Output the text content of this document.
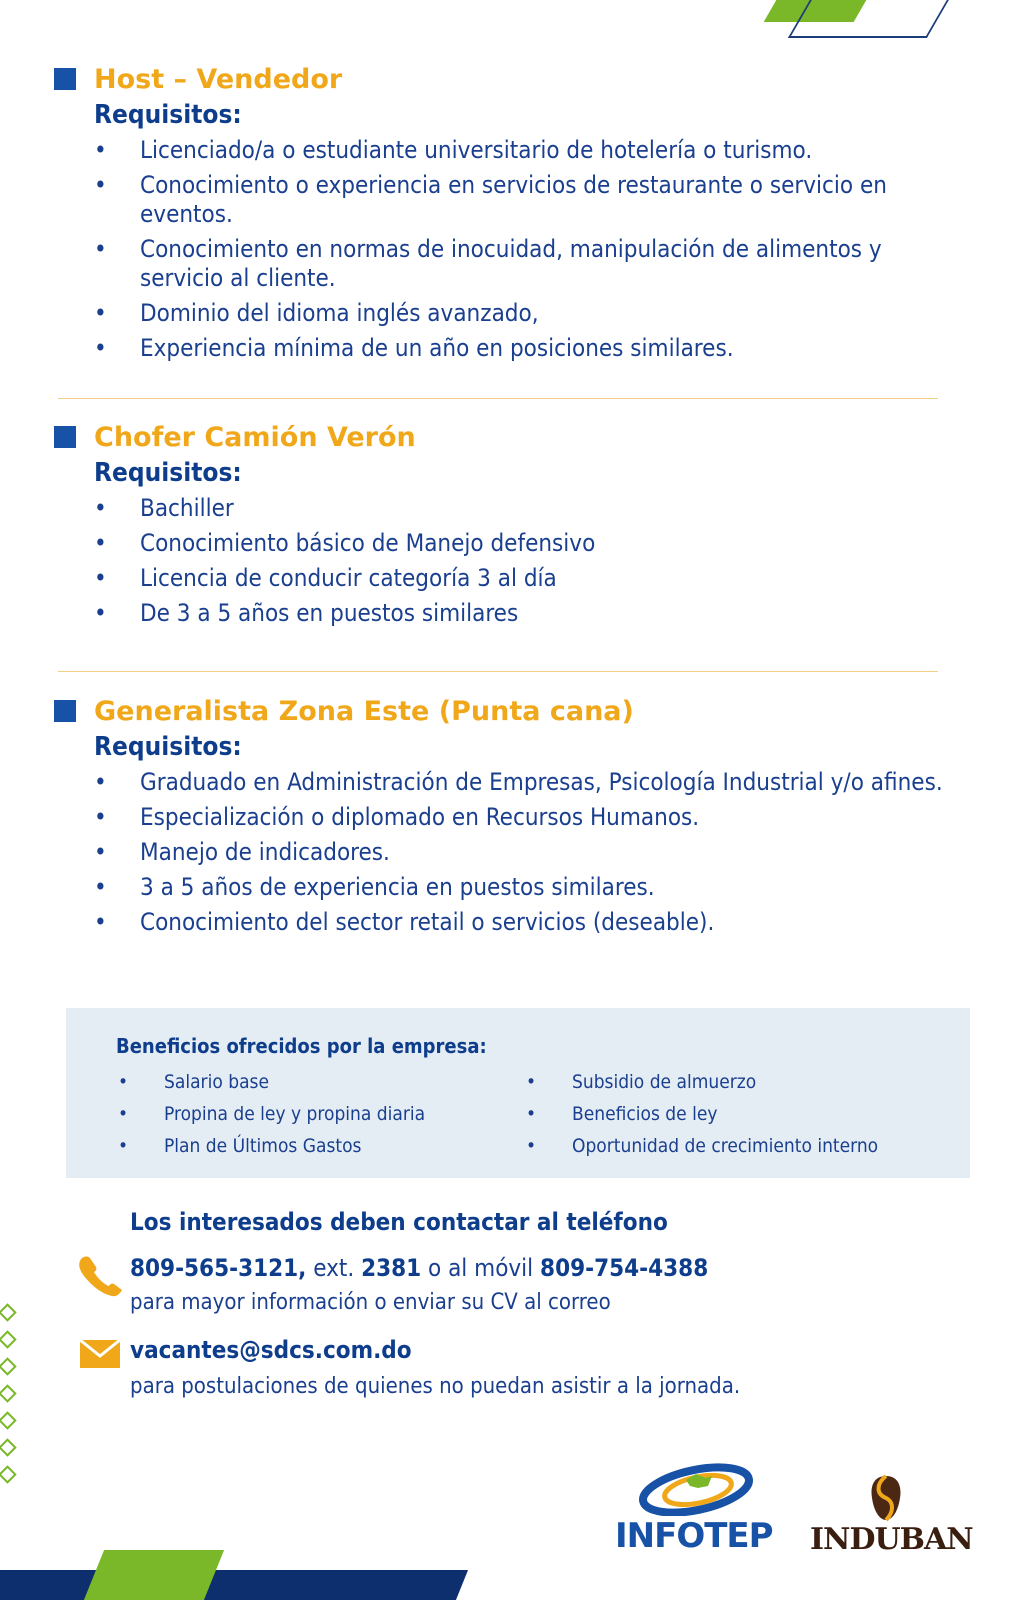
Host – Vendedor
Requisitos:
• Licenciado/a o estudiante universitario de hotelería o turismo.
• Conocimiento o experiencia en servicios de restaurante o servicio en eventos.
• Conocimiento en normas de inocuidad, manipulación de alimentos y servicio al cliente.
• Dominio del idioma inglés avanzado,
• Experiencia mínima de un año en posiciones similares.
Chofer Camión Verón
Requisitos:
• Bachiller
• Conocimiento básico de Manejo defensivo
• Licencia de conducir categoría 3 al día
• De 3 a 5 años en puestos similares
Generalista Zona Este (Punta cana)
Requisitos:
• Graduado en Administración de Empresas, Psicología Industrial y/o afines.
• Especialización o diplomado en Recursos Humanos.
• Manejo de indicadores.
• 3 a 5 años de experiencia en puestos similares.
• Conocimiento del sector retail o servicios (deseable).
Beneficios ofrecidos por la empresa:
• Salario base
• Propina de ley y propina diaria
• Plan de Últimos Gastos
• Subsidio de almuerzo
• Beneficios de ley
• Oportunidad de crecimiento interno
Los interesados deben contactar al teléfono
809-565-3121, ext. 2381 o al móvil 809-754-4388
para mayor información o enviar su CV al correo
vacantes@sdcs.com.do
para postulaciones de quienes no puedan asistir a la jornada.
INFOTEP INDUBAN
